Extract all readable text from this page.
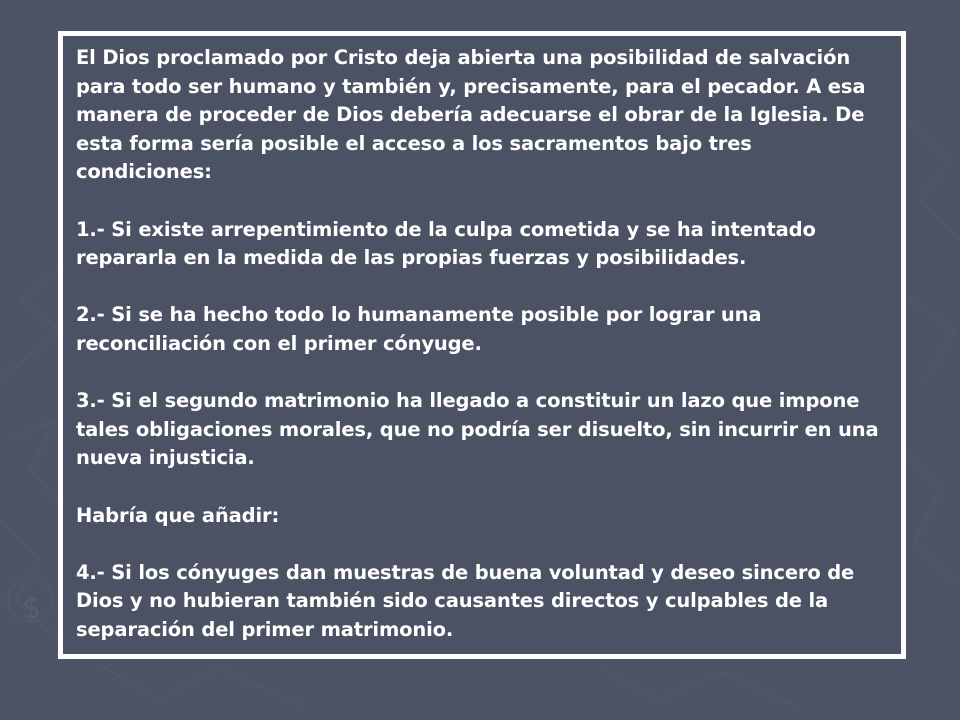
$

El Dios proclamado por Cristo deja abierta una posibilidad de salvación para todo ser humano y también y, precisamente, para el pecador. A esa manera de proceder de Dios debería adecuarse el obrar de la Iglesia. De esta forma sería posible el acceso a los sacramentos bajo tres condiciones:

1.- Si existe arrepentimiento de la culpa cometida y se ha intentado repararla en la medida de las propias fuerzas y posibilidades.

2.- Si se ha hecho todo lo humanamente posible por lograr una reconciliación con el primer cónyuge.

3.- Si el segundo matrimonio ha llegado a constituir un lazo que impone tales obligaciones morales, que no podría ser disuelto, sin incurrir en una nueva injusticia.

Habría que añadir:

4.- Si los cónyuges dan muestras de buena voluntad y deseo sincero de Dios y no hubieran también sido causantes directos y culpables de la separación del primer matrimonio.
